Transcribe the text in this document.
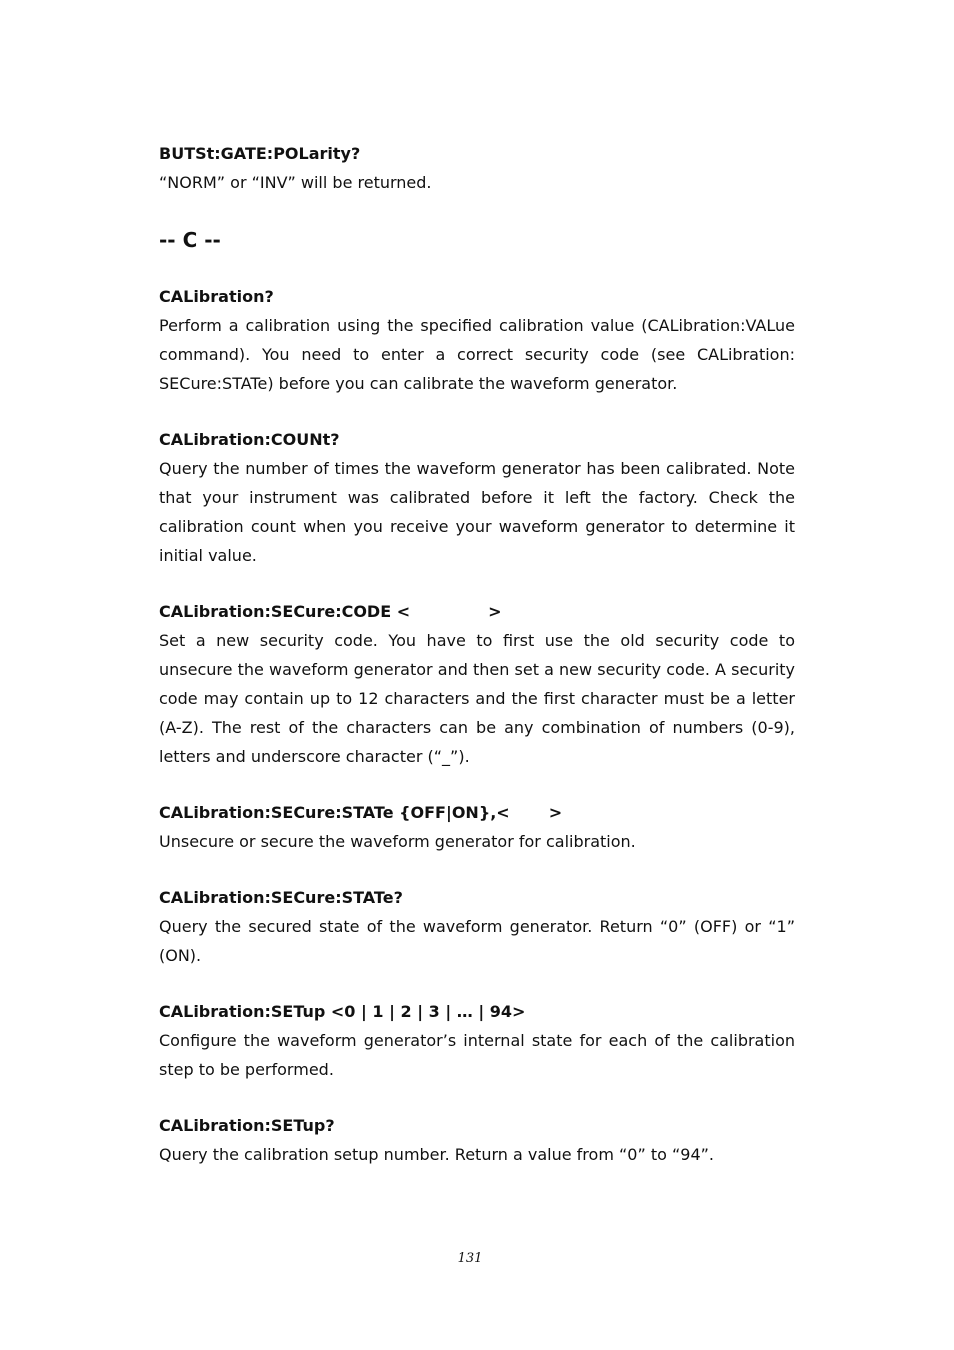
BUTSt:GATE:POLarity?

“NORM” or “INV” will be returned.

-- C --
CALibration?

Perform a calibration using the specified calibration value (CALibration:VALue command). You need to enter a correct security code (see CALibration: SECure:STATe) before you can calibrate the waveform generator.

CALibration:COUNt?

Query the number of times the waveform generator has been calibrated. Note that your instrument was calibrated before it left the factory. Check the calibration count when you receive your waveform generator to determine it initial value.

CALibration:SECure:CODE <              >

Set a new security code. You have to first use the old security code to unsecure the waveform generator and then set a new security code. A security code may contain up to 12 characters and the first character must be a letter (A-Z). The rest of the characters can be any combination of numbers (0-9), letters and underscore character (“_”).

CALibration:SECure:STATe {OFF|ON},<       >

Unsecure or secure the waveform generator for calibration.

CALibration:SECure:STATe?

Query the secured state of the waveform generator. Return “0” (OFF) or “1” (ON).

CALibration:SETup <0 | 1 | 2 | 3 | … | 94>

Configure the waveform generator’s internal state for each of the calibration step to be performed.

CALibration:SETup?

Query the calibration setup number. Return a value from “0” to “94”.

131
